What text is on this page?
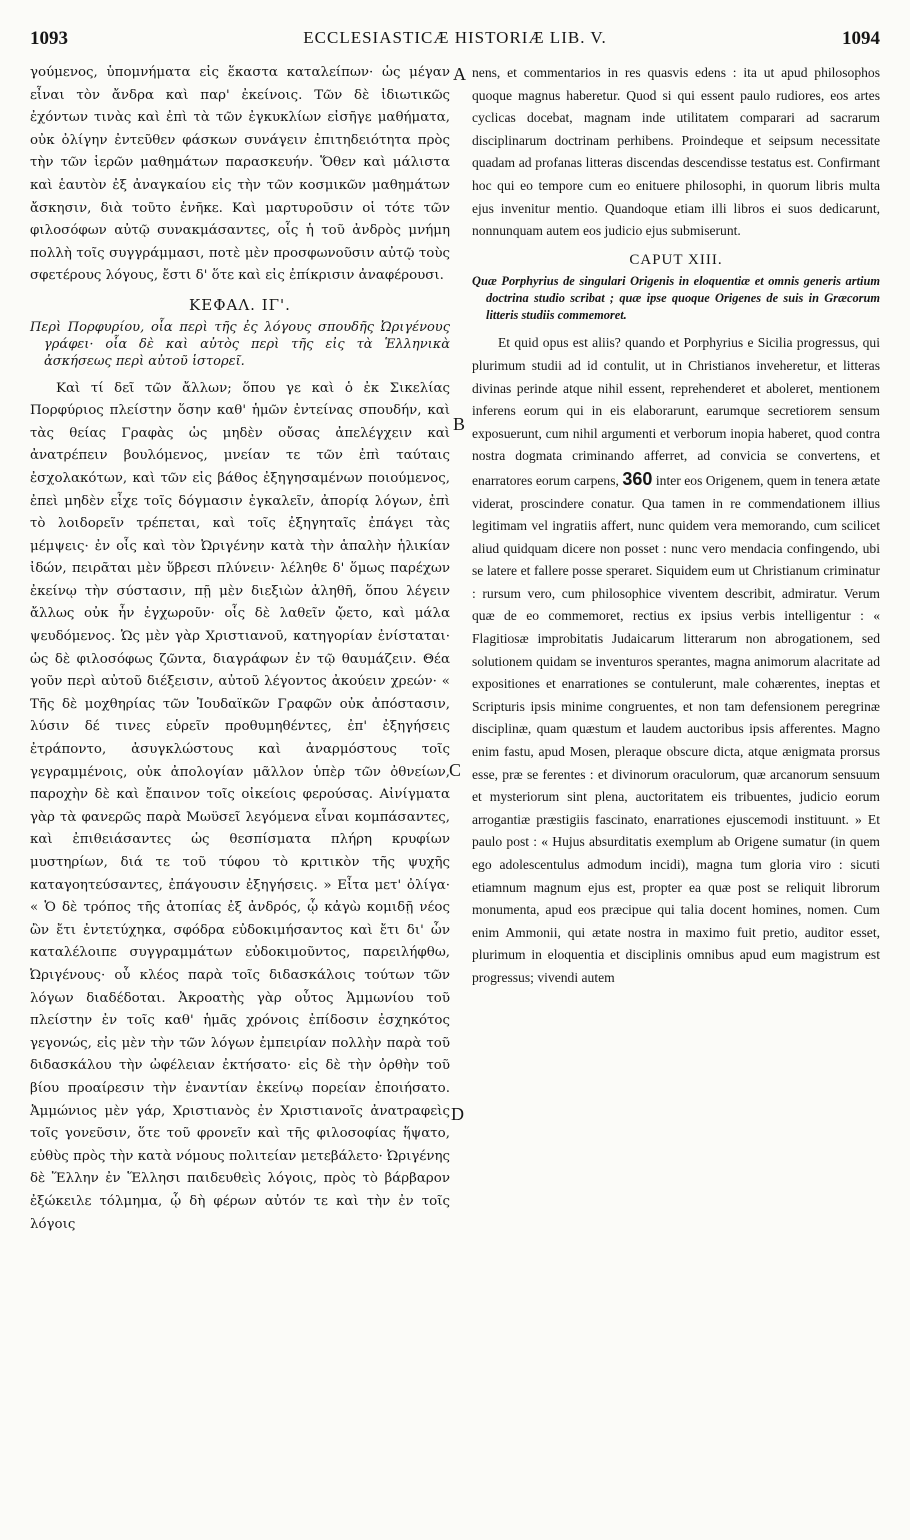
1093	ECCLESIASTICÆ HISTORIÆ LIB. V.	1094

γούμενος, ὑπομνήματα εἰς ἕκαστα καταλείπων· ὡς μέγαν εἶναι τὸν ἄνδρα καὶ παρ' ἐκείνοις. Τῶν δὲ ἰδιωτικῶς ἐχόντων τινὰς καὶ ἐπὶ τὰ τῶν ἐγκυκλίων εἰσῆγε μαθήματα, οὐκ ὀλίγην ἐντεῦθεν φάσκων συνάγειν ἐπιτηδειότητα πρὸς τὴν τῶν ἱερῶν μαθημάτων παρασκευήν. Ὅθεν καὶ μάλιστα καὶ ἑαυτὸν ἐξ ἀναγκαίου εἰς τὴν τῶν κοσμικῶν μαθημάτων ἄσκησιν, διὰ τοῦτο ἐνῆκε. Καὶ μαρτυροῦσιν οἱ τότε τῶν φιλοσόφων αὐτῷ συνακμάσαντες, οἷς ἡ τοῦ ἀνδρὸς μνήμη πολλὴ τοῖς συγγράμμασι, ποτὲ μὲν προσφωνοῦσιν αὐτῷ τοὺς σφετέρους λόγους, ἔστι δ' ὅτε καὶ εἰς ἐπίκρισιν ἀναφέρουσι.

ΚΕΦΑΛ. ΙΓ'.
Περὶ Πορφυρίου, οἷα περὶ τῆς ἐς λόγους σπουδῆς Ὠριγένους γράφει· οἷα δὲ καὶ αὐτὸς περὶ τῆς εἰς τὰ Ἑλληνικὰ ἀσκήσεως περὶ αὐτοῦ ἱστορεῖ.

Καὶ τί δεῖ τῶν ἄλλων; ὅπου γε καὶ ὁ ἐκ Σικελίας Πορφύριος πλείστην ὅσην καθ' ἡμῶν ἐντείνας σπουδήν, καὶ τὰς θείας Γραφὰς ὡς μηδὲν οὔσας ἀπελέγχειν καὶ ἀνατρέπειν βουλόμενος, μνείαν τε τῶν ἐπὶ ταύταις ἐσχολακότων, καὶ τῶν εἰς βάθος ἐξηγησαμένων ποιούμενος, ἐπεὶ μηδὲν εἶχε τοῖς δόγμασιν ἐγκαλεῖν, ἀπορίᾳ λόγων, ἐπὶ τὸ λοιδορεῖν τρέπεται, καὶ τοῖς ἐξηγηταῖς ἐπάγει τὰς μέμψεις· ἐν οἷς καὶ τὸν Ὠριγένην κατὰ τὴν ἁπαλὴν ἡλικίαν ἰδών, πειρᾶται μὲν ὕβρεσι πλύνειν· λέληθε δ' ὅμως παρέχων ἐκείνῳ τὴν σύστασιν, πῇ μὲν διεξιὼν ἀληθῆ, ὅπου λέγειν ἄλλως οὐκ ἦν ἐγχωροῦν· οἷς δὲ λαθεῖν ᾤετο, καὶ μάλα ψευδόμενος. Ὡς μὲν γὰρ Χριστιανοῦ, κατηγορίαν ἐνίσταται· ὡς δὲ φιλοσόφως ζῶντα, διαγράφων ἐν τῷ θαυμάζειν. Θέα γοῦν περὶ αὐτοῦ διέξεισιν, αὐτοῦ λέγοντος ἀκούειν χρεών· « Τῆς δὲ μοχθηρίας τῶν Ἰουδαϊκῶν Γραφῶν οὐκ ἀπόστασιν, λύσιν δέ τινες εὑρεῖν προθυμηθέντες, ἐπ' ἐξηγήσεις ἐτράποντο, ἀσυγκλώστους καὶ ἀναρμόστους τοῖς γεγραμμένοις, οὐκ ἀπολογίαν μᾶλλον ὑπὲρ τῶν ὀθνείων, παροχὴν δὲ καὶ ἔπαινον τοῖς οἰκείοις φερούσας. Αἰνίγματα γὰρ τὰ φανερῶς παρὰ Μωϋσεῖ λεγόμενα εἶναι κομπάσαντες, καὶ ἐπιθειάσαντες ὡς θεσπίσματα πλήρη κρυφίων μυστηρίων, διά τε τοῦ τύφου τὸ κριτικὸν τῆς ψυχῆς καταγοητεύσαντες, ἐπάγουσιν ἐξηγήσεις. » Εἶτα μετ' ὀλίγα· « Ὁ δὲ τρόπος τῆς ἀτοπίας ἐξ ἀνδρός, ᾧ κἀγὼ κομιδῇ νέος ὢν ἔτι ἐντετύχηκα, σφόδρα εὐδοκιμήσαντος καὶ ἔτι δι' ὧν καταλέλοιπε συγγραμμάτων εὐδοκιμοῦντος, παρειλήφθω, Ὠριγένους· οὗ κλέος παρὰ τοῖς διδασκάλοις τούτων τῶν λόγων διαδέδοται. Ἀκροατὴς γὰρ οὗτος Ἀμμωνίου τοῦ πλείστην ἐν τοῖς καθ' ἡμᾶς χρόνοις ἐπίδοσιν ἐσχηκότος γεγονώς, εἰς μὲν τὴν τῶν λόγων ἐμπειρίαν πολλὴν παρὰ τοῦ διδασκάλου τὴν ὠφέλειαν ἐκτήσατο· εἰς δὲ τὴν ὀρθὴν τοῦ βίου προαίρεσιν τὴν ἐναντίαν ἐκείνῳ πορείαν ἐποιήσατο. Ἀμμώνιος μὲν γάρ, Χριστιανὸς ἐν Χριστιανοῖς ἀνατραφεὶς τοῖς γονεῦσιν, ὅτε τοῦ φρονεῖν καὶ τῆς φιλοσοφίας ἥψατο, εὐθὺς πρὸς τὴν κατὰ νόμους πολιτείαν μετεβάλετο· Ὠριγένης δὲ Ἕλλην ἐν Ἕλλησι παιδευθεὶς λόγοις, πρὸς τὸ βάρβαρον ἐξώκειλε τόλμημα, ᾧ δὴ φέρων αὐτόν τε καὶ τὴν ἐν τοῖς λόγοις

nens, et commentarios in res quasvis edens : ita ut apud philosophos quoque magnus haberetur. Quod si qui essent paulo rudiores, eos artes cyclicas docebat, magnam inde utilitatem comparari ad sacrarum disciplinarum doctrinam perhibens. Proindeque et seipsum necessitate quadam ad profanas litteras discendas descendisse testatus est. Confirmant hoc qui eo tempore cum eo enituere philosophi, in quorum libris multa ejus invenitur mentio. Quandoque etiam illi libros ei suos dedicarunt, nonnunquam autem eos judicio ejus submiserunt.

CAPUT XIII.
Quæ Porphyrius de singulari Origenis in eloquentiæ et omnis generis artium doctrina studio scribat ; quæ ipse quoque Origenes de suis in Græcorum litteris studiis commemoret.

Et quid opus est aliis? quando et Porphyrius e Sicilia progressus, qui plurimum studii ad id contulit, ut in Christianos inveheretur, et litteras divinas perinde atque nihil essent, reprehenderet et aboleret, mentionem inferens eorum qui in eis elaborarunt, earumque secretiorem sensum exposuerunt, cum nihil argumenti et verborum inopia haberet, quod contra nostra dogmata criminando afferret, ad convicia se convertens, et enarratores eorum carpens, 360 inter eos Origenem, quem in tenera ætate viderat, proscindere conatur. Qua tamen in re commendationem illius legitimam vel ingratiis affert, nunc quidem vera memorando, cum scilicet aliud quidquam dicere non posset : nunc vero mendacia confingendo, ubi se latere et fallere posse speraret. Siquidem eum ut Christianum criminatur : rursum vero, cum philosophice viventem describit, admiratur. Verum quæ de eo commemoret, rectius ex ipsius verbis intelligentur : « Flagitiosæ improbitatis Judaicarum litterarum non abrogationem, sed solutionem quidam se inventuros sperantes, magna animorum alacritate ad expositiones et enarrationes se contulerunt, male cohærentes, ineptas et Scripturis ipsis minime congruentes, et non tam defensionem peregrinæ disciplinæ, quam quæstum et laudem auctoribus ipsis afferentes. Magno enim fastu, apud Mosen, pleraque obscure dicta, atque ænigmata prorsus esse, præ se ferentes : et divinorum oraculorum, quæ arcanorum sensuum et mysteriorum sint plena, auctoritatem eis tribuentes, judicio eorum arrogantiæ præstigiis fascinato, enarrationes ejuscemodi instituunt. » Et paulo post : « Hujus absurditatis exemplum ab Origene sumatur (in quem ego adolescentulus admodum incidi), magna tum gloria viro : sicuti etiamnum magnum ejus est, propter ea quæ post se reliquit librorum monumenta, apud eos præcipue qui talia docent homines, nomen. Cum enim Ammonii, qui ætate nostra in maximo fuit pretio, auditor esset, plurimum in eloquentia et disciplinis omnibus apud eum magistrum est progressus; vivendi autem

A
B
C
D
